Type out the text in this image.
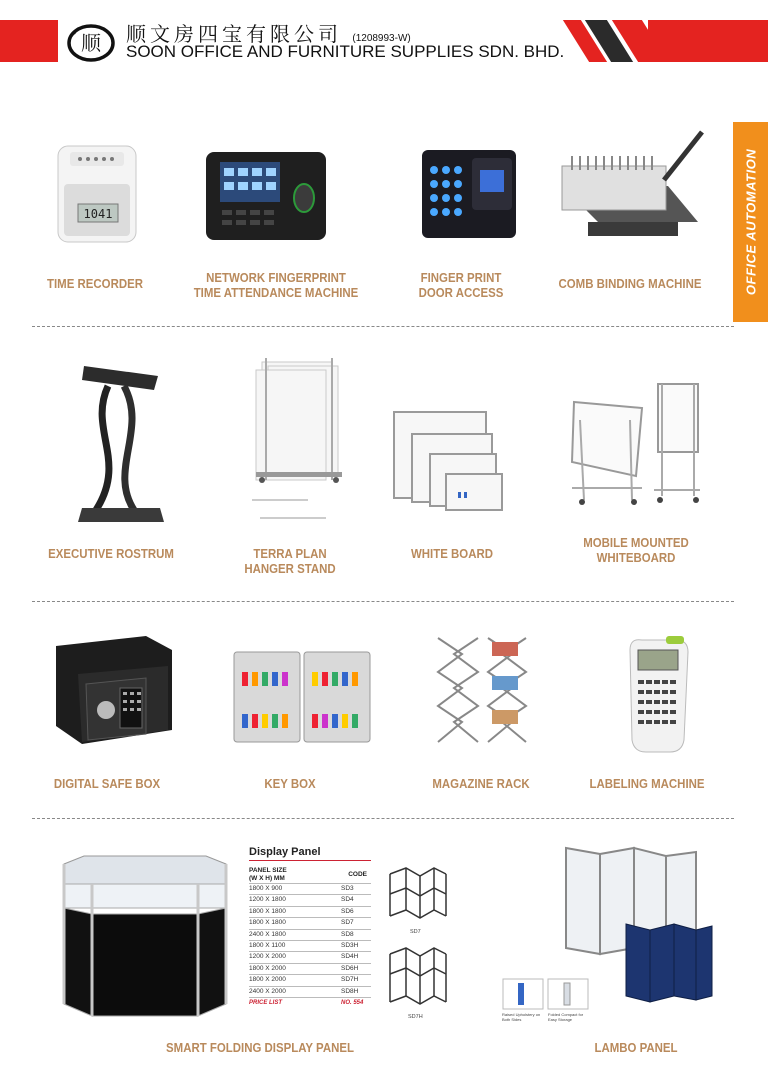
顺 顺文房四宝有限公司 (1208993-W)
SOON OFFICE AND FURNITURE SUPPLIES SDN. BHD.
OFFICE AUTOMATION
1041
TIME RECORDER	NETWORK FINGERPRINT
TIME ATTENDANCE MACHINE
FINGER PRINT
DOOR ACCESS
COMB BINDING MACHINE
EXECUTIVE ROSTRUM	TERRA PLAN
HANGER STAND
WHITE BOARD
MOBILE MOUNTED
WHITEBOARD
DIGITAL SAFE BOX	KEY BOX	MAGAZINE RACK	LABELING MACHINE
Display Panel
PANEL SIZE
(W X H) MM
CODE
1800 X 900	SD3
1200 X 1800	SD4
1800 X 1800	SD6
1800 X 1800	SD7
2400 X 1800	SD8
1800 X 1100	SD3H
1200 X 2000	SD4H
1800 X 2000	SD6H
1800 X 2000	SD7H
2400 X 2000	SD8H
PRICE LIST	NO. 554
SD7
SD7H
SMART FOLDING DISPLAY PANEL
Raised Upholstery on Both Sides
Folded Compact for Easy Storage
LAMBO PANEL
